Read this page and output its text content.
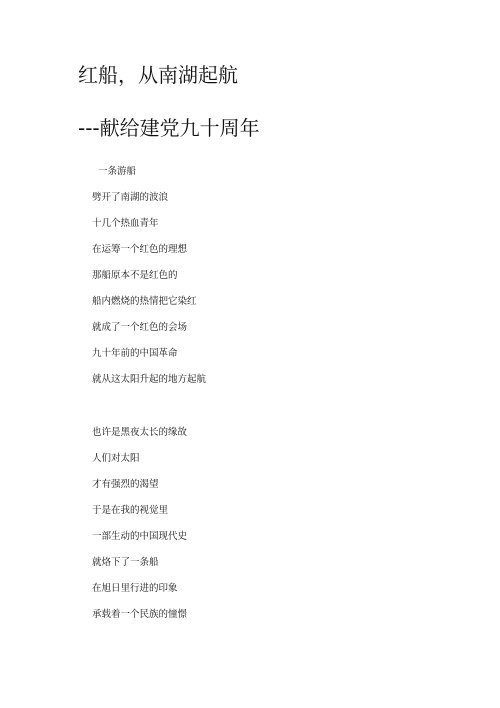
红船，从南湖起航
---献给建党九十周年
一条游船
劈开了南湖的波浪
十几个热血青年
在运筹一个红色的理想
那船原本不是红色的
船内燃烧的热情把它染红
就成了一个红色的会场
九十年前的中国革命
就从这太阳升起的地方起航
也许是黑夜太长的缘故
人们对太阳
才有强烈的渴望
于是在我的视觉里
一部生动的中国现代史
就烙下了一条船
在旭日里行进的印象
承载着一个民族的憧憬
